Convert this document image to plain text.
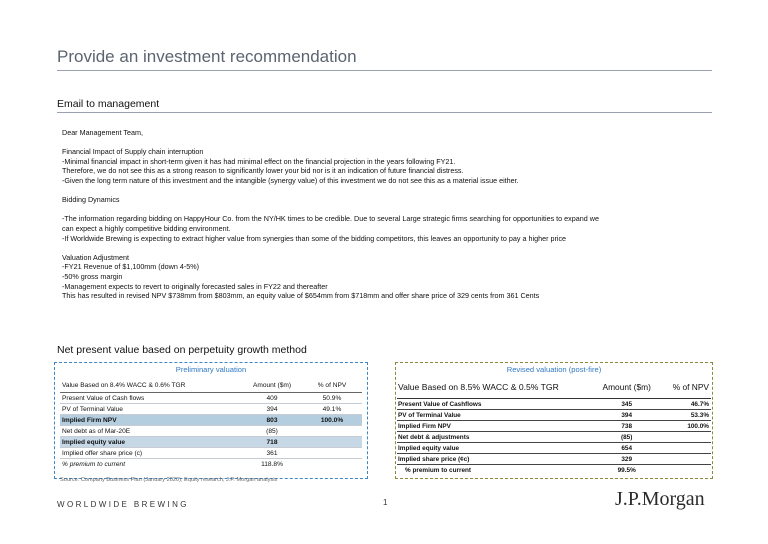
Provide an investment recommendation
Email to management
Dear Management Team,
Financial Impact of Supply chain interruption
-Minimal financial impact in short-term given it has had minimal effect on the financial projection in the years following FY21.
Therefore, we do not see this as a strong reason to significantly lower your bid nor is it an indication of future financial distress.
-Given the long term nature of this investment and the intangible (synergy value) of this investment we do not see this as a material issue either.
Bidding Dynamics
-The information regarding bidding on HappyHour Co. from the NY/HK times to be credible. Due to several Large strategic firms searching for opportunities to expand we
can expect a highly competitive bidding environment.
-If Worldwide Brewing is expecting to extract higher value from synergies than some of the bidding competitors, this leaves an opportunity to pay a higher price
Valuation Adjustment
-FY21 Revenue of $1,100mm (down 4-5%)
-50% gross margin
-Management expects to revert to originally forecasted sales in FY22 and thereafter
This has resulted in revised NPV $738mm from $803mm, an equity value of $654mm from $718mm and offer share price of 329 cents from 361 Cents
Net present value based on perpetuity growth method
Preliminary valuation
Value Based on 8.4% WACC & 0.6% TGR	Amount ($m)	% of NPV
Present Value of Cash flows	409	50.9%
PV of Terminal Value	394	49.1%
Implied Firm NPV	803	100.0%
Net debt as of Mar-20E	(85)	
Implied equity value	718	
Implied offer share price (c)	361	
% premium to current	118.8%	
Revised valuation (post-fire)
Value Based on 8.5% WACC & 0.5% TGR	Amount ($m)	% of NPV
Present Value of Cashflows	345	46.7%
PV of Terminal Value	394	53.3%
Implied Firm NPV	738	100.0%
Net debt & adjustments	(85)	
Implied equity value	654	
Implied share price (¢c)	329	
% premium to current	99.5%	
Source: Company Business Plan (January 2020); Equity research; J.P. Morgan analysis
WORLDWIDE BREWING	1	J.P.Morgan
